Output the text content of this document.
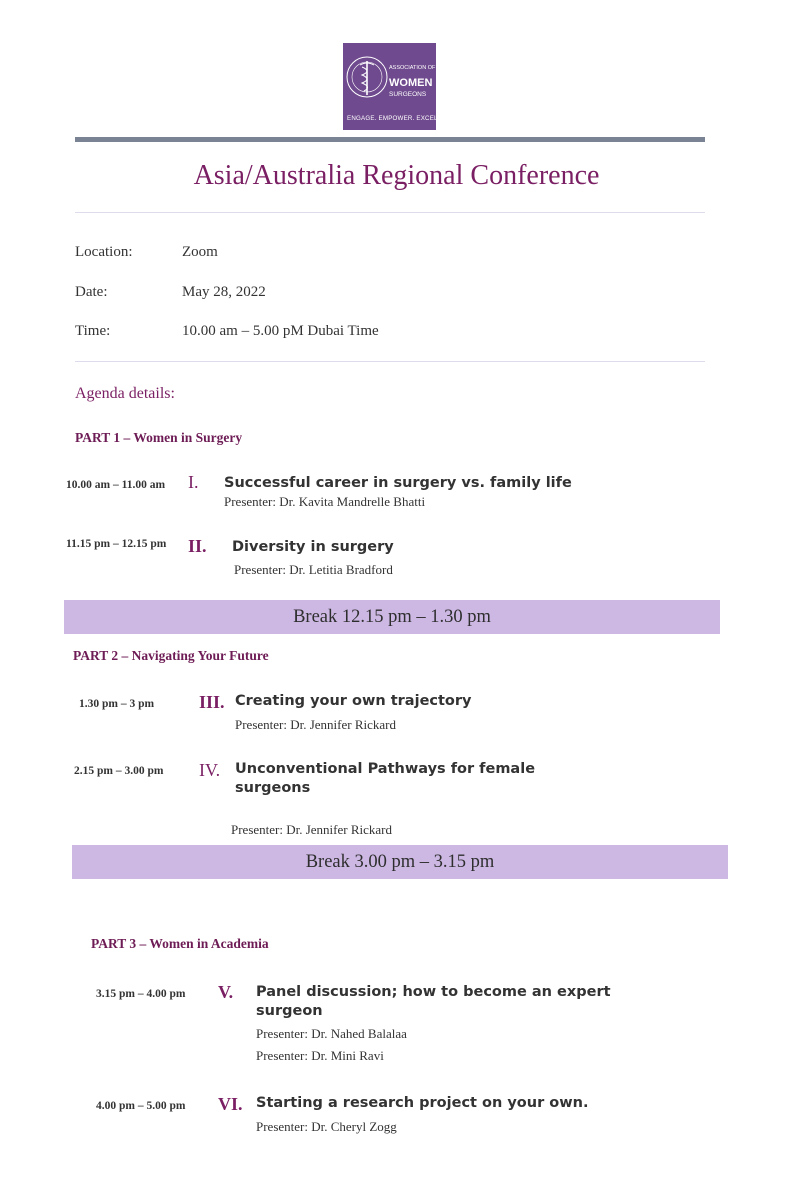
ASSOCIATION OF
WOMEN
SURGEONS
ENGAGE. EMPOWER. EXCEL.
Asia/Australia Regional Conference
Location:	Zoom
Date:	May 28, 2022
Time:	10.00 am – 5.00 pM Dubai Time
Agenda details:
PART 1 – Women in Surgery
10.00 am – 11.00 am I. Successful career in surgery vs. family life
Presenter: Dr. Kavita Mandrelle Bhatti
11.15 pm – 12.15 pm II. Diversity in surgery
Presenter: Dr. Letitia Bradford
Break 12.15 pm – 1.30 pm
PART 2 – Navigating Your Future
1.30 pm – 3 pm III. Creating your own trajectory
Presenter: Dr. Jennifer Rickard
2.15 pm – 3.00 pm IV. Unconventional Pathways for female
surgeons
Presenter: Dr. Jennifer Rickard
Break 3.00 pm – 3.15 pm
PART 3 – Women in Academia
3.15 pm – 4.00 pm V. Panel discussion; how to become an expert
surgeon
Presenter: Dr. Nahed Balalaa
Presenter: Dr. Mini Ravi
4.00 pm – 5.00 pm VI. Starting a research project on your own.
Presenter: Dr. Cheryl Zogg
